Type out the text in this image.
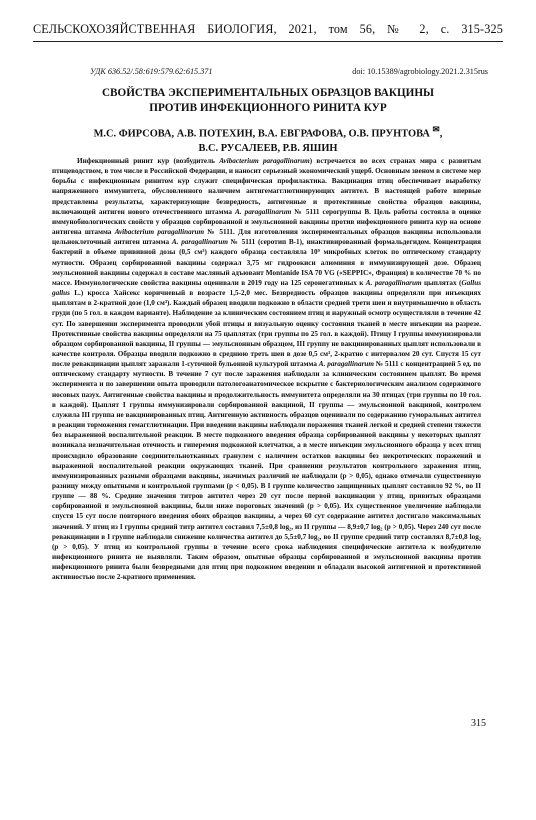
СЕЛЬСКОХОЗЯЙСТВЕННАЯ БИОЛОГИЯ, 2021, том 56, № 2, с. 315-325
УДК 636.52/.58:619:579.62:615.371	doi: 10.15389/agrobiology.2021.2.315rus
СВОЙСТВА ЭКСПЕРИМЕНТАЛЬНЫХ ОБРАЗЦОВ ВАКЦИНЫ
ПРОТИВ ИНФЕКЦИОННОГО РИНИТА КУР
М.С. ФИРСОВА, А.В. ПОТЕХИН, В.А. ЕВГРАФОВА, О.В. ПРУНТОВА ✉,
В.С. РУСАЛЕЕВ, Р.В. ЯШИН

Инфекционный ринит кур (возбудитель Avibacterium paragallinarum) встречается во всех странах мира с развитым птицеводством, в том числе в Российской Федерации, и наносит серьезный экономический ущерб. Основным звеном в системе мер борьбы с инфекционным ринитом кур служит специфическая профилактика. Вакцинация птиц обеспечивает выработку напряженного иммунитета, обусловленного наличием антигемагглютинирующих антител. В настоящей работе впервые представлены результаты, характеризующие безвредность, антигенные и протективные свойства образцов вакцины, включающей антиген нового отечественного штамма A. paragallinarum № 5111 серогруппы В. Цель работы состояла в оценке иммунобиологических свойств у образцов сорбированной и эмульсионной вакцины против инфекционного ринита кур на основе антигена штамма Avibacterium paragallinarum № 5111. Для изготовления экспериментальных образцов вакцины использовали цельноклеточный антиген штамма A. paragallinarum № 5111 (серотип B-1), инактивированный формальдегидом. Концентрация бактерий в объеме прививной дозы (0,5 см³) каждого образца составляла 10⁹ микробных клеток по оптическому стандарту мутности. Образец сорбированной вакцины содержал 3,75 мг гидроокиси алюминия в иммунизирующей дозе. Образец эмульсионной вакцины содержал в составе масляный адъювант Montanide ISA 70 VG («SEPPIC», Франция) в количестве 70 % по массе. Иммунологические свойства вакцины оценивали в 2019 году на 125 серонегативных к A. paragallinarum цыплятах (Gallus gallus L.) кросса Хайсекс коричневый в возрасте 1,5-2,0 мес. Безвредность образцов вакцины определяли при инъекциях цыплятам в 2-кратной дозе (1,0 см³). Каждый образец вводили подкожно в области средней трети шеи и внутримышечно в область груди (по 5 гол. в каждом варианте). Наблюдение за клиническим состоянием птиц и наружный осмотр осуществляли в течение 42 сут. По завершении эксперимента проводили убой птицы и визуальную оценку состояния тканей в месте инъекции на разрезе. Протективные свойства вакцины определяли на 75 цыплятах (три группы по 25 гол. в каждой). Птицу I группы иммунизировали образцом сорбированной вакцины, II группы — эмульсионным образцом, III группу не вакцинированных цыплят использовали в качестве контроля. Образцы вводили подкожно в среднюю треть шеи в дозе 0,5 см³, 2-кратно с интервалом 20 сут. Спустя 15 сут после ревакцинации цыплят заражали 1-суточной бульонной культурой штамма A. paragallinarum № 5111 с концентрацией 5 ед. по оптическому стандарту мутности. В течение 7 сут после заражения наблюдали за клиническим состоянием цыплят. Во время эксперимента и по завершении опыта проводили патологоанатомическое вскрытие с бактериологическим анализом содержимого носовых пазух. Антигенные свойства вакцины и продолжительность иммунитета определяли на 30 птицах (три группы по 10 гол. в каждой). Цыплят I группы иммунизировали сорбированной вакциной, II группы — эмульсионной вакциной, контролем служила III группа не вакцинированных птиц. Антигенную активность образцов оценивали по содержанию гуморальных антител в реакции торможения гемагглютинации. При введении вакцины наблюдали поражения тканей легкой и средней степени тяжести без выраженной воспалительной реакции. В месте подкожного введения образца сорбированной вакцины у некоторых цыплят возникала незначительная отечность и гиперемия подкожной клетчатки, а в месте инъекции эмульсионного образца у всех птиц происходило образование соединительнотканных гранулем с наличием остатков вакцины без некротических поражений и выраженной воспалительной реакции окружающих тканей. При сравнении результатов контрольного заражения птиц, иммунизированных разными образцами вакцины, значимых различий не наблюдали (p > 0,05), однако отмечали существенную разницу между опытными и контрольной группами (p < 0,05). В I группе количество защищенных цыплят составило 92 %, во II группе — 88 %. Средние значения титров антител через 20 сут после первой вакцинации у птиц, привитых образцами сорбированной и эмульсионной вакцины, были ниже пороговых значений (p > 0,05). Их существенное увеличение наблюдали спустя 15 сут после повторного введения обоих образцов вакцины, а через 60 сут содержание антител достигало максимальных значений. У птиц из I группы средний титр антител составил 7,5±0,8 log₂, из II группы — 8,9±0,7 log₂ (p > 0,05). Через 240 сут после ревакцинации в I группе наблюдали снижение количества антител до 5,5±0,7 log₂, во II группе средний титр составлял 8,7±0,8 log₂ (p > 0,05). У птиц из контрольной группы в течение всего срока наблюдения специфические антитела к возбудителю инфекционного ринита не выявляли. Таким образом, опытные образцы сорбированной и эмульсионной вакцины против инфекционного ринита были безвредными для птиц при подкожном введении и обладали высокой антигенной и протективной активностью после 2-кратного применения.

315
